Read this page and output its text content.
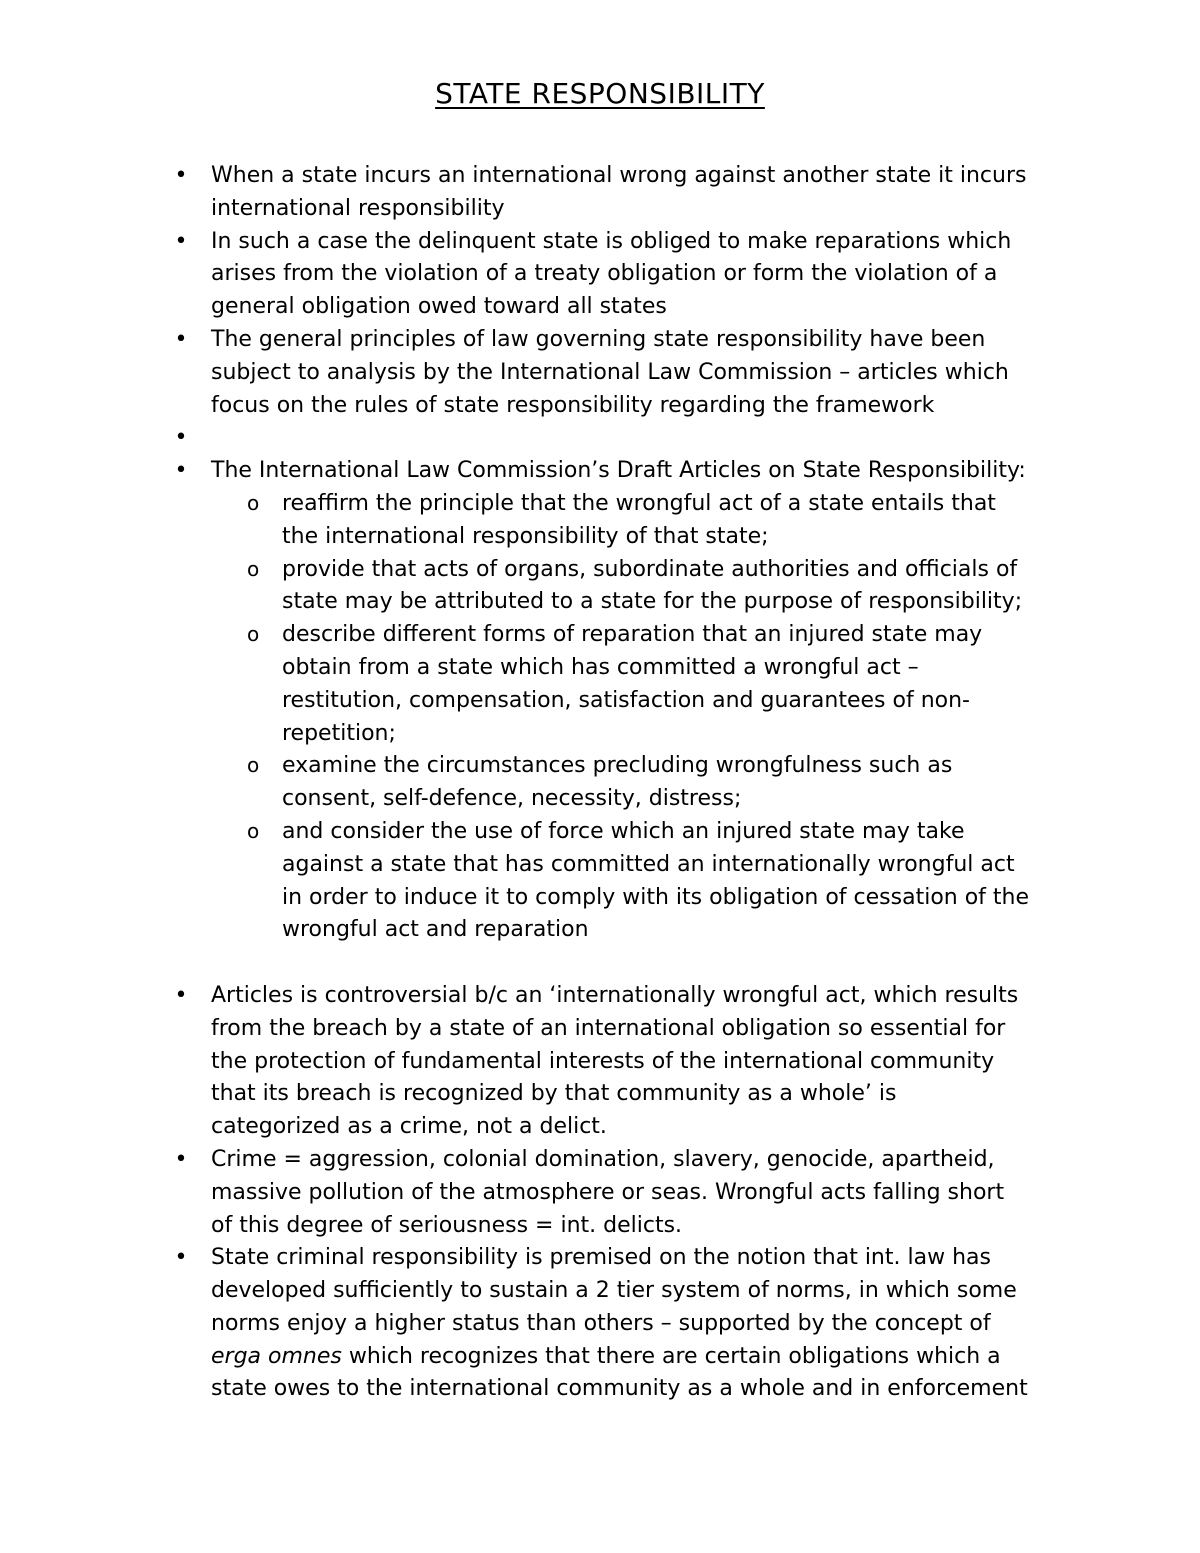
STATE RESPONSIBILITY
• When a state incurs an international wrong against another state it incurs international responsibility
• In such a case the delinquent state is obliged to make reparations which arises from the violation of a treaty obligation or form the violation of a general obligation owed toward all states
• The general principles of law governing state responsibility have been subject to analysis by the International Law Commission – articles which focus on the rules of state responsibility regarding the framework
•
• The International Law Commission’s Draft Articles on State Responsibility:
o reaffirm the principle that the wrongful act of a state entails that the international responsibility of that state;
o provide that acts of organs, subordinate authorities and officials of state may be attributed to a state for the purpose of responsibility;
o describe different forms of reparation that an injured state may obtain from a state which has committed a wrongful act – restitution, compensation, satisfaction and guarantees of non-repetition;
o examine the circumstances precluding wrongfulness such as consent, self-defence, necessity, distress;
o and consider the use of force which an injured state may take against a state that has committed an internationally wrongful act in order to induce it to comply with its obligation of cessation of the wrongful act and reparation
• Articles is controversial b/c an ‘internationally wrongful act, which results from the breach by a state of an international obligation so essential for the protection of fundamental interests of the international community that its breach is recognized by that community as a whole’ is categorized as a crime, not a delict.
• Crime = aggression, colonial domination, slavery, genocide, apartheid, massive pollution of the atmosphere or seas. Wrongful acts falling short of this degree of seriousness = int. delicts.
• State criminal responsibility is premised on the notion that int. law has developed sufficiently to sustain a 2 tier system of norms, in which some norms enjoy a higher status than others – supported by the concept of erga omnes which recognizes that there are certain obligations which a state owes to the international community as a whole and in enforcement
